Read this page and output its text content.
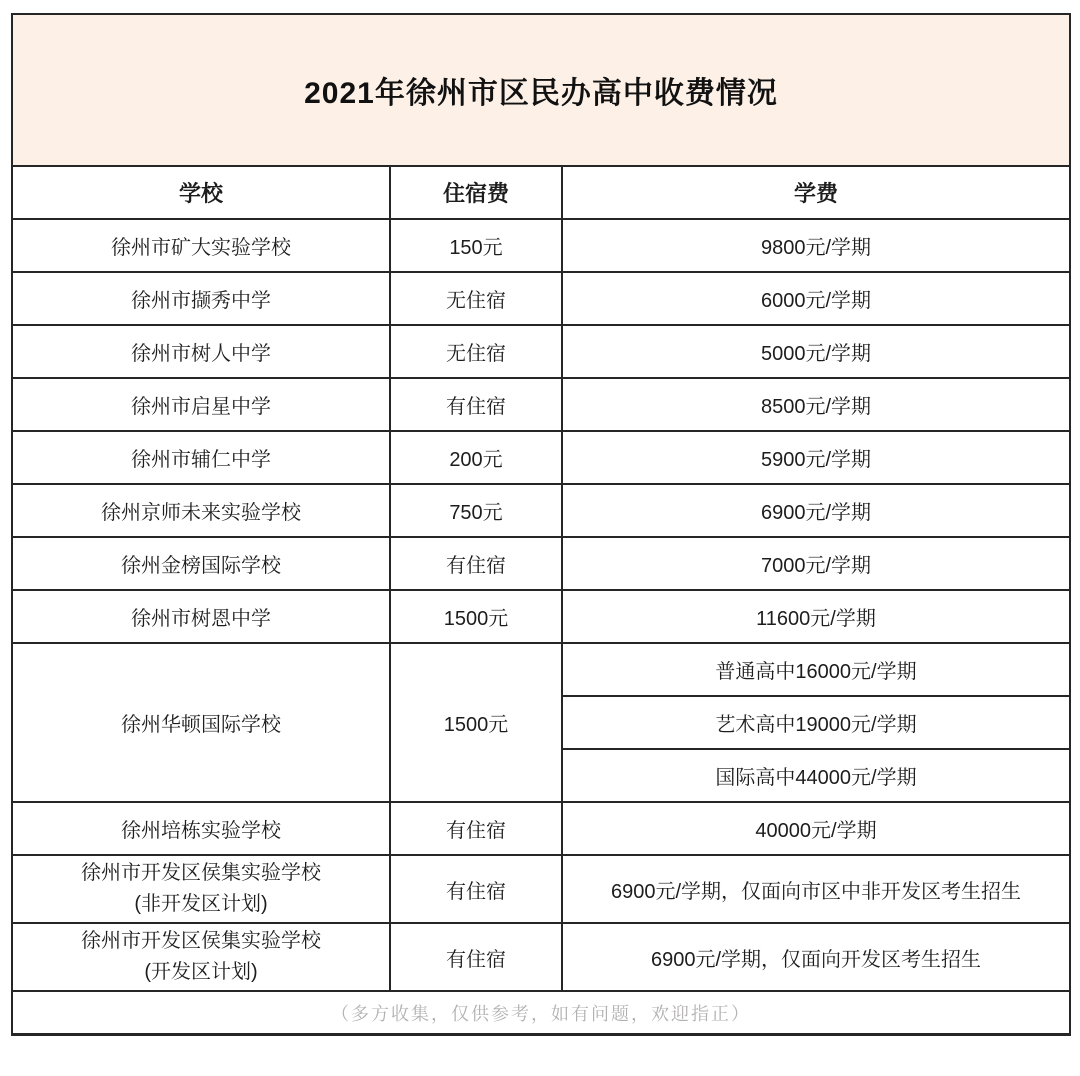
2021年徐州市区民办高中收费情况		
学校	住宿费	学费
徐州市矿大实验学校	150元	9800元/学期
徐州市撷秀中学	无住宿	6000元/学期
徐州市树人中学	无住宿	5000元/学期
徐州市启星中学	有住宿	8500元/学期
徐州市辅仁中学	200元	5900元/学期
徐州京师未来实验学校	750元	6900元/学期
徐州金榜国际学校	有住宿	7000元/学期
徐州市树恩中学	1500元	11600元/学期
徐州华顿国际学校	1500元	普通高中16000元/学期
		艺术高中19000元/学期
		国际高中44000元/学期
徐州培栋实验学校	有住宿	40000元/学期

徐州市开发区侯集实验学校
(非开发区计划)	有住宿	6900元/学期，仅面向市区中非开发区考生招生

徐州市开发区侯集实验学校
(开发区计划)	有住宿	6900元/学期，仅面向开发区考生招生
（多方收集，仅供参考，如有问题，欢迎指正）		
